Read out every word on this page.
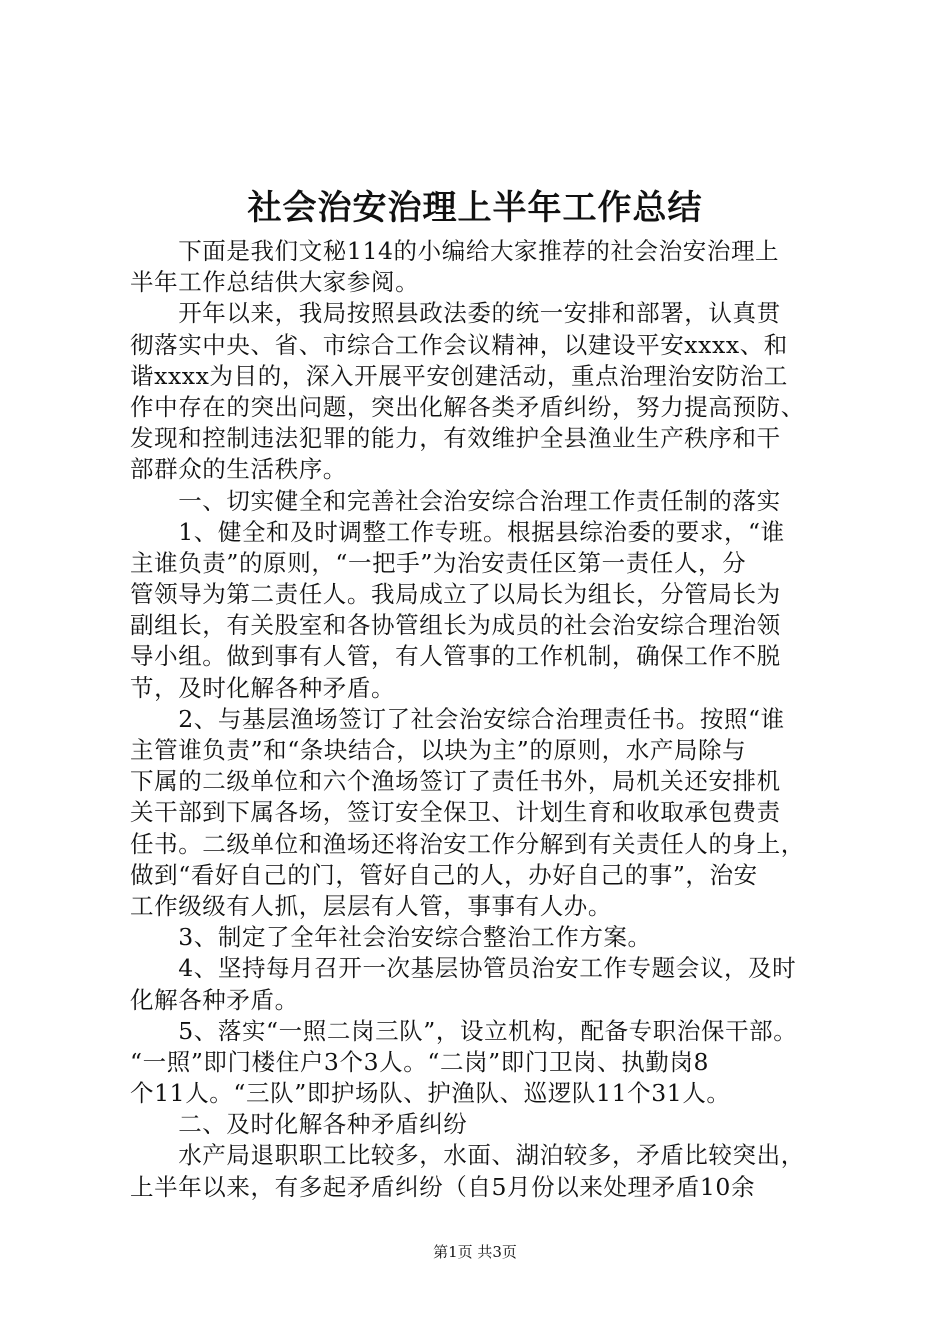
社会治安治理上半年工作总结
　　下面是我们文秘114的小编给大家推荐的社会治安治理上
半年工作总结供大家参阅。
　　开年以来，我局按照县政法委的统一安排和部署，认真贯
彻落实中央、省、市综合工作会议精神，以建设平安xxxx、和
谐xxxx为目的，深入开展平安创建活动，重点治理治安防治工
作中存在的突出问题，突出化解各类矛盾纠纷，努力提高预防、
发现和控制违法犯罪的能力，有效维护全县渔业生产秩序和干
部群众的生活秩序。
　　一、切实健全和完善社会治安综合治理工作责任制的落实
　　1、健全和及时调整工作专班。根据县综治委的要求，“谁
主谁负责”的原则，“一把手”为治安责任区第一责任人，分
管领导为第二责任人。我局成立了以局长为组长，分管局长为
副组长，有关股室和各协管组长为成员的社会治安综合理治领
导小组。做到事有人管，有人管事的工作机制，确保工作不脱
节，及时化解各种矛盾。
　　2、与基层渔场签订了社会治安综合治理责任书。按照“谁
主管谁负责”和“条块结合，以块为主”的原则，水产局除与
下属的二级单位和六个渔场签订了责任书外，局机关还安排机
关干部到下属各场，签订安全保卫、计划生育和收取承包费责
任书。二级单位和渔场还将治安工作分解到有关责任人的身上，
做到“看好自己的门，管好自己的人，办好自己的事”，治安
工作级级有人抓，层层有人管，事事有人办。
　　3、制定了全年社会治安综合整治工作方案。
　　4、坚持每月召开一次基层协管员治安工作专题会议，及时
化解各种矛盾。
　　5、落实“一照二岗三队”，设立机构，配备专职治保干部。
“一照”即门楼住户3个3人。“二岗”即门卫岗、执勤岗8
个11人。“三队”即护场队、护渔队、巡逻队11个31人。
　　二、及时化解各种矛盾纠纷
　　水产局退职职工比较多，水面、湖泊较多，矛盾比较突出，
上半年以来，有多起矛盾纠纷（自5月份以来处理矛盾10余
第1页 共3页
